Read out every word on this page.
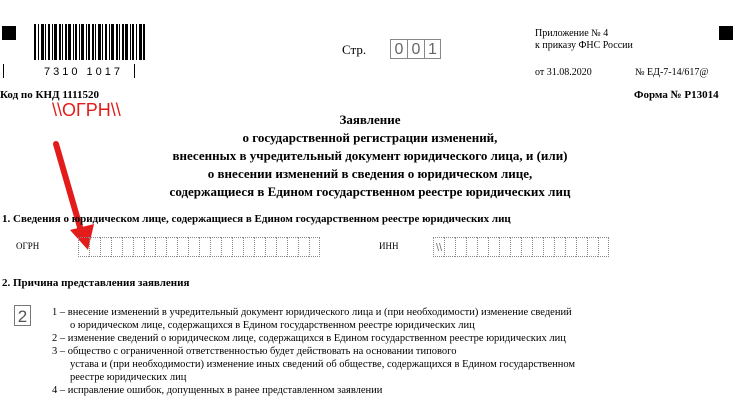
7310 1017
Стр. 0 0 1
Приложение № 4
к приказу ФНС России
от 31.08.2020	№ ЕД-7-14/617@
Код по КНД 1111520	Форма № Р13014
\\ОГРН\\	Заявление
о государственной регистрации изменений,
внесенных в учредительный документ юридического лица, и (или)
о внесении изменений в сведения о юридическом лице,
содержащиеся в Едином государственном реестре юридических лиц
1. Сведения о юридическом лице, содержащиеся в Едином государственном реестре юридических лиц
ОГРН	ИНН	\\
2. Причина представления заявления
2	1 – внесение изменений в учредительный документ юридического лица и (при необходимости) изменение сведений
о юридическом лице, содержащихся в Едином государственном реестре юридических лиц
2 – изменение сведений о юридическом лице, содержащихся в Едином государственном реестре юридических лиц
3 – общество с ограниченной ответственностью будет действовать на основании типового
устава и (при необходимости) изменение иных сведений об обществе, содержащихся в Едином государственном
реестре юридических лиц
4 – исправление ошибок, допущенных в ранее представленном заявлении
